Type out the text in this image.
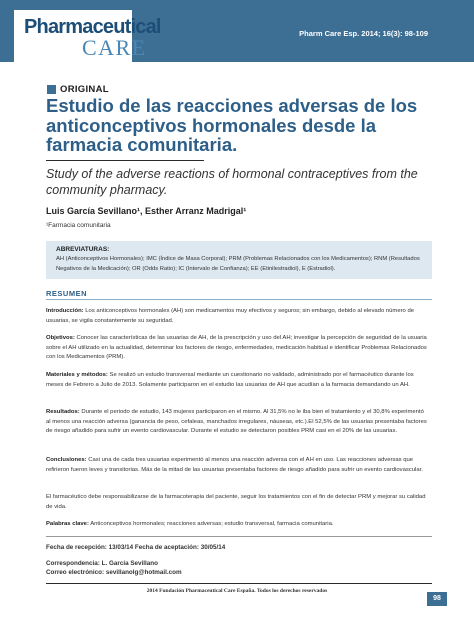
Pharmaceutical
CARE
Pharm Care Esp. 2014; 16(3): 98-109
ORIGINAL
Estudio de las reacciones adversas de los anticonceptivos hormonales desde la farmacia comunitaria.
Study of the adverse reactions of hormonal contraceptives from the community pharmacy.
Luis García Sevillano¹, Esther Arranz Madrigal¹
¹Farmacia comunitaria
ABREVIATURAS:
AH (Anticonceptivos Hormonales); IMC (Índice de Masa Corporal); PRM (Problemas Relacionados con los Medicamentos); RNM (Resultados Negativos de la Medicación); OR (Odds Ratio); IC (Intervalo de Confianza); EE (Etinilestradiol), E (Estradiol).
RESUMEN
Introducción: Los anticonceptivos hormonales (AH) son medicamentos muy efectivos y seguros; sin embargo, debido al elevado número de usuarias, se vigila constantemente su seguridad.
Objetivos: Conocer las características de las usuarias de AH, de la prescripción y uso del AH; investigar la percepción de seguridad de la usuaria sobre el AH utilizado en la actualidad, determinar los factores de riesgo, enfermedades, medicación habitual e identificar Problemas Relacionados con los Medicamentos (PRM).
Materiales y métodos: Se realizó un estudio transversal mediante un cuestionario no validado, administrado por el farmacéutico durante los meses de Febrero a Julio de 2013. Solamente participaron en el estudio las usuarias de AH que acudían a la farmacia demandando un AH.
Resultados: Durante el periodo de estudio, 143 mujeres participaron en el mismo. Al 31,5% no le iba bien el tratamiento y el 30,8% experimentó al menos una reacción adversa (ganancia de peso, cefaleas, manchados irregulares, náuseas, etc.).El 52,5% de las usuarias presentaba factores de riesgo añadido para sufrir un evento cardiovascular. Durante el estudio se detectaron posibles PRM casi en el 20% de las usuarias.
Conclusiones: Casi una de cada tres usuarias experimentó al menos una reacción adversa con el AH en uso. Las reacciones adversas que refirieron fueron leves y transitorias. Más de la mitad de las usuarias presentaba factores de riesgo añadido para sufrir un evento cardiovascular.
El farmacéutico debe responsabilizarse de la farmacoterapia del paciente, seguir los tratamientos con el fin de detectar PRM y mejorar su calidad de vida.
Palabras clave: Anticonceptivos hormonales; reacciones adversas; estudio transversal, farmacia comunitaria.
Fecha de recepción: 13/03/14 Fecha de aceptación: 30/05/14
Correspondencia: L. García Sevillano
Correo electrónico: sevillanolg@hotmail.com
2014 Fundación Pharmaceutical Care España. Todos los derechos reservados
98
